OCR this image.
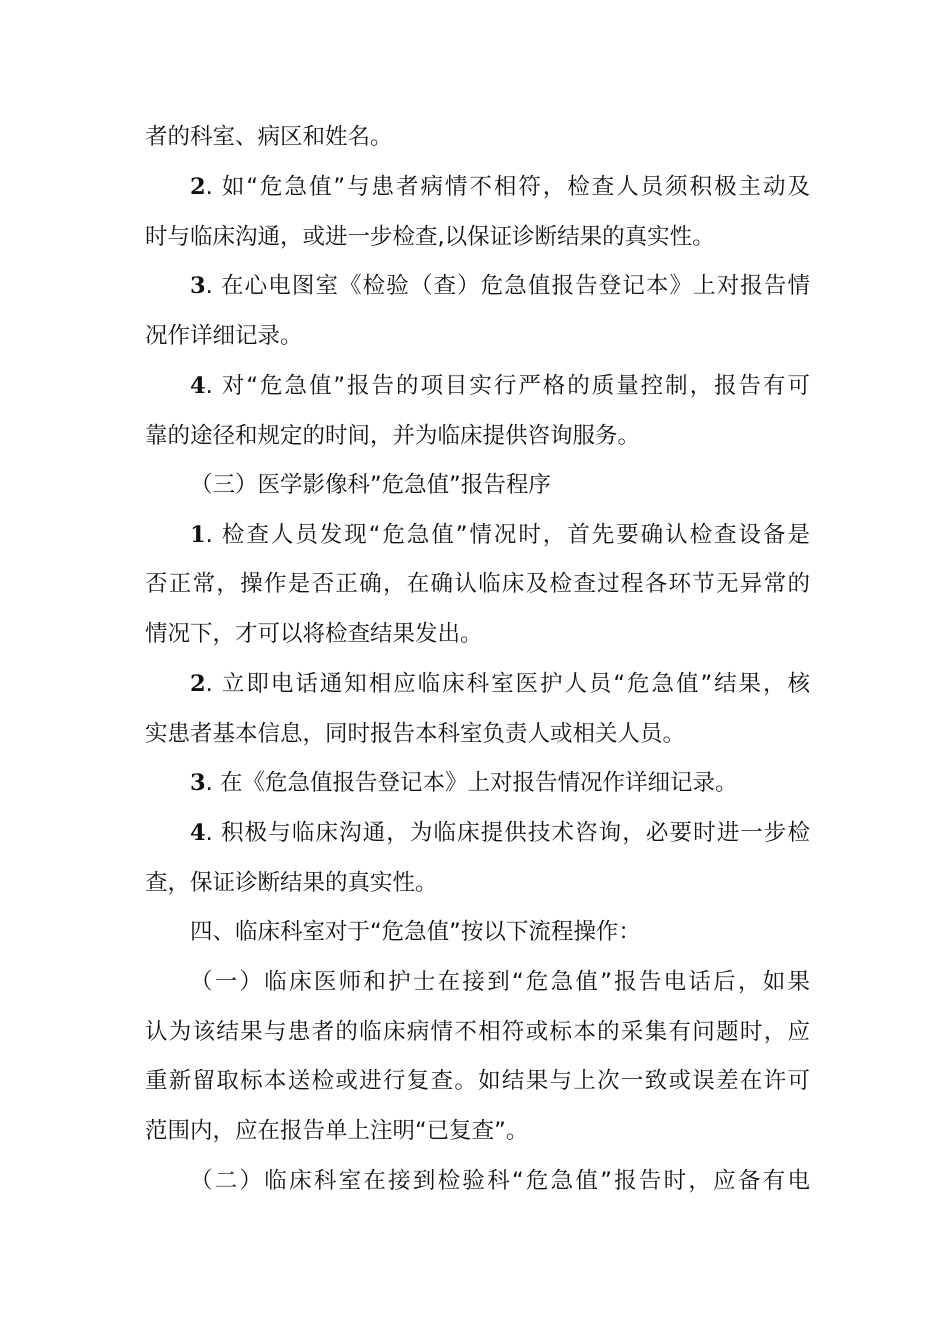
者的科室、病区和姓名。
2. 如“危急值”与患者病情不相符，检查人员须积极主动及
时与临床沟通，或进一步检查,以保证诊断结果的真实性。
3. 在心电图室《检验（查）危急值报告登记本》上对报告情
况作详细记录。
4. 对“危急值”报告的项目实行严格的质量控制，报告有可
靠的途径和规定的时间，并为临床提供咨询服务。
（三）医学影像科”危急值”报告程序
1. 检查人员发现“危急值”情况时，首先要确认检查设备是
否正常，操作是否正确，在确认临床及检查过程各环节无异常的
情况下，才可以将检查结果发出。
2. 立即电话通知相应临床科室医护人员“危急值”结果，核
实患者基本信息，同时报告本科室负责人或相关人员。
3. 在《危急值报告登记本》上对报告情况作详细记录。
4. 积极与临床沟通，为临床提供技术咨询，必要时进一步检
查，保证诊断结果的真实性。
四、临床科室对于“危急值”按以下流程操作：
（一）临床医师和护士在接到“危急值”报告电话后，如果
认为该结果与患者的临床病情不相符或标本的采集有问题时，应
重新留取标本送检或进行复查。如结果与上次一致或误差在许可
范围内，应在报告单上注明“已复查”。
（二）临床科室在接到检验科“危急值”报告时，应备有电
